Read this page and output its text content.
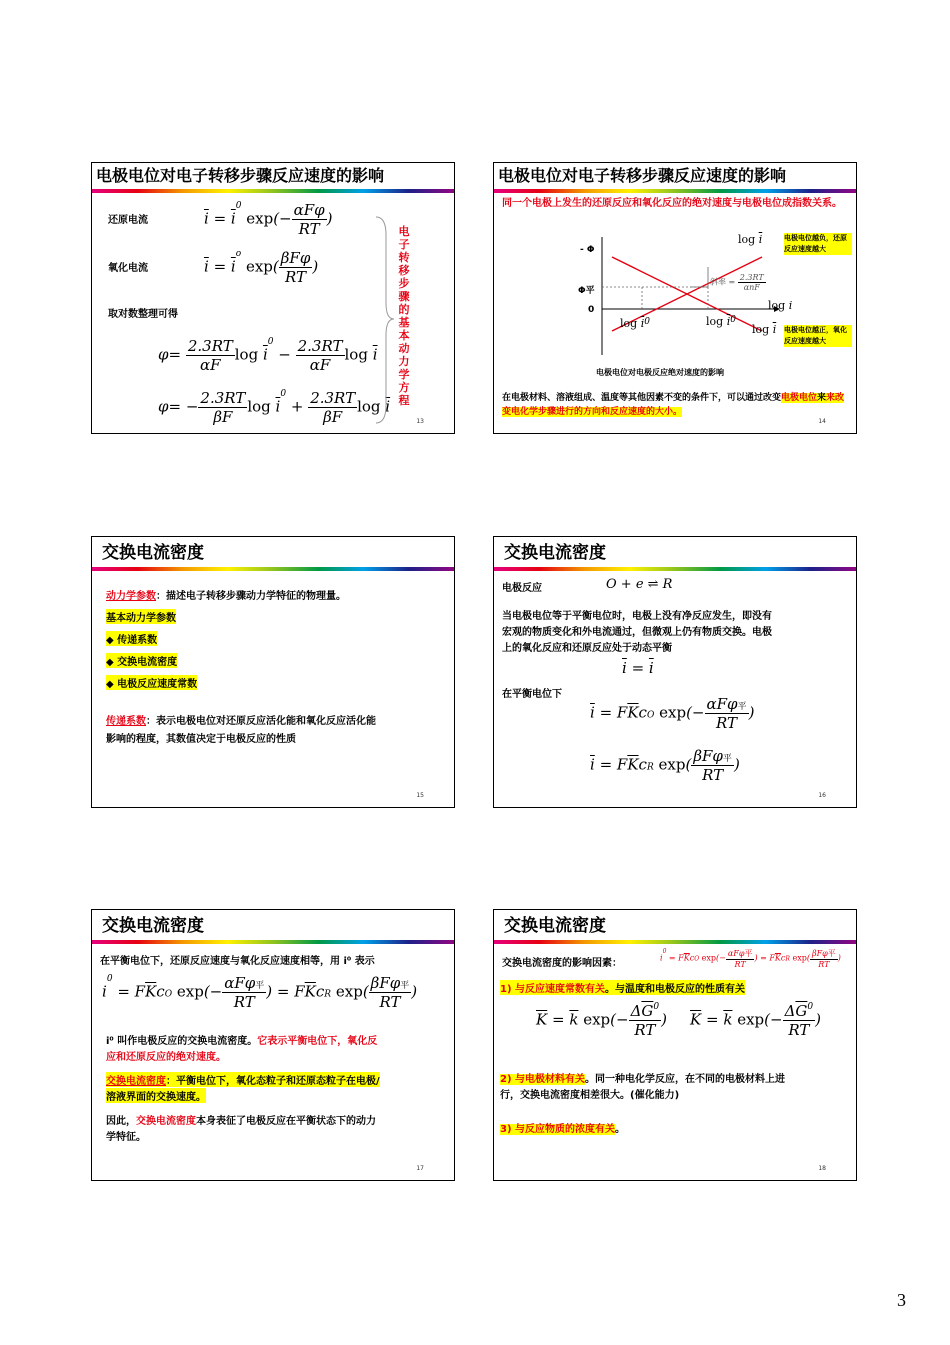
电极电位对电子转移步骤反应速度的影响
还原电流	$\overline{i} = \overline{i}^0$ $\exp(- \frac{\text{αFφ}}{RT}$ )
氧化电流	$\overline{i} = \overline{i}^o$ $\exp( \frac{\text{βFφ}}{RT}$ )
取对数整理可得
$\varphi= \frac{2.3RT}{\alpha F}$ $\log \overline{i}^0 - \frac{2.3RT}{\alpha F}$ $\log \overline{i}$
$\varphi= - \frac{2.3RT}{\beta F}$ $\log \overline{i}^0 + \frac{2.3RT}{\beta F}$ $\log \overline{i}$
电子转移步骤的基本动力学方程
13
电极电位对电子转移步骤反应速度的影响
同一个电极上发生的还原反应和氧化反应的绝对速度与电极电位成指数关系。
- Φ
Φ平
0
$\log \overline{i}$
log i
$\log \overline{i}^0$	$\log \overline{i}^0$
$\log \overline{i}$
斜率 = $\frac{2.3RT}{\text{αnF}}$
电极电位越负，还原反应速度越大
电极电位越正，氧化反应速度越大
电极电位对电极反应绝对速度的影响
在电极材料、溶液组成、温度等其他因素不变的条件下，可以通过改变电极电位来来改变电化学步骤进行的方向和反应速度的大小。
14
交换电流密度
动力学参数：描述电子转移步骤动力学特征的物理量。
基本动力学参数
◆ 传递系数
◆ 交换电流密度
◆ 电极反应速度常数
传递系数：表示电极电位对还原反应活化能和氧化反应活化能
影响的程度，其数值决定于电极反应的性质
15
交换电流密度
电极反应	O + e ⇌ R
当电极电位等于平衡电位时，电极上没有净反应发生，即没有
宏观的物质变化和外电流通过，但微观上仍有物质交换。电极
上的氧化反应和还原反应处于动态平衡
$\overline{i} = \overline{i}$
在平衡电位下
$\overline{i} = F\overline{K}cO$ $\exp(- \frac{\text{αFφ平}}{RT}$ )
$\overline{i} = F\overline{K}cR$ $\exp( \frac{\text{βFφ平}}{RT}$ )
16
交换电流密度
在平衡电位下，还原反应速度与氧化反应速度相等，用 i⁰ 表示
$i^0 = F\overline{K}cO$ $\exp(- \frac{\text{αFφ平}}{RT}$ ) = $F\overline{K}cR$ $\exp( \frac{\text{βFφ平}}{RT}$ )
i⁰ 叫作电极反应的交换电流密度。它表示平衡电位下，氧化反
应和还原反应的绝对速度。
交换电流密度：平衡电位下，氧化态粒子和还原态粒子在电极/
溶液界面的交换速度。
因此，交换电流密度本身表征了电极反应在平衡状态下的动力
学特征。
17
交换电流密度
交换电流密度的影响因素：	$i^0 = F\overline{K}cO$ $\exp(- \frac{\text{αFφ平}}{RT}$ ) = $F\overline{K}cR$ $\exp( \frac{\text{βFφ平}}{RT}$ )
1) 与反应速度常数有关。与温度和电极反应的性质有关
$\overline{K} = \overline{k}$ $\exp(- \frac{\Delta\overline{G}^0}{RT}$ ) $\overline{K} = \overline{k}$ $\exp(- \frac{\Delta\overline{G}^0}{RT}$ )
2) 与电极材料有关。同一种电化学反应，在不同的电极材料上进
行，交换电流密度相差很大。(催化能力)
3) 与反应物质的浓度有关。
18
3
